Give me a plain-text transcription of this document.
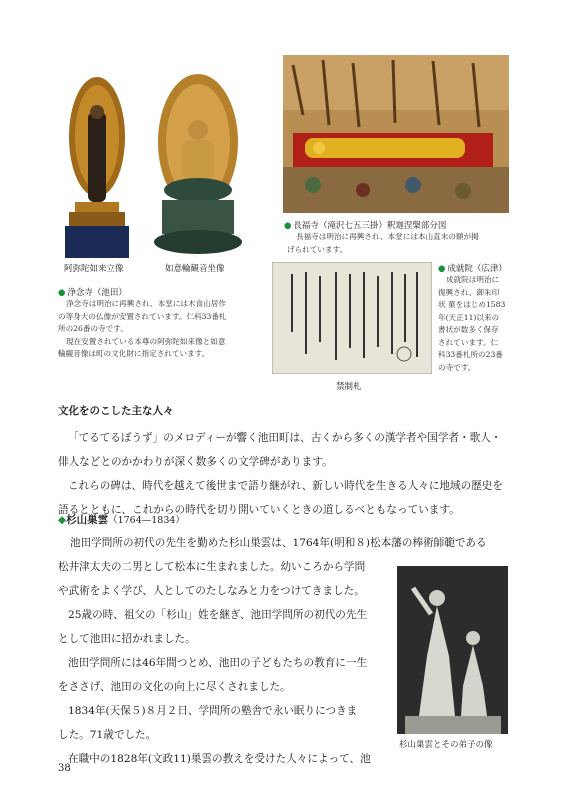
阿弥陀如来立像	如意輪観音坐像
● 長福寺（滝沢七五三掛）釈迦涅槃部分図
長福寺は明治に再興され、本堂には本山直末の額が掲
げられています。
禁制札
● 浄念寺（池田）
浄念寺は明治に再興され、本堂には木食山居作
の等身大の仏像が安置されています。仁科33番札
所の26番の寺です。
現在安置されている本尊の阿弥陀如来像と如意
輪観音像は町の文化財に指定されています。
● 成就院（広津）
成就院は明治に
復興され、御朱印
状 菓をはじめ1583
年(天正11)以来の
書状が数多く保存
されています。仁
科33番札所の23番
の寺です。
文化をのこした主な人々
「てるてるぼうず」のメロディーが響く池田町は、古くから多くの漢学者や国学者・歌人・
俳人などとのかかわりが深く数多くの文学碑があります。
これらの碑は、時代を越えて後世まで語り継がれ、新しい時代を生きる人々に地域の歴史を
語るとともに、これからの時代を切り開いていくときの道しるべともなっています。
◆杉山巣雲（1764—1834）
池田学問所の初代の先生を勤めた杉山巣雲は、1764年(明和８)松本藩の棒術師範である
松井津太夫の二男として松本に生まれました。幼いころから学問
や武術をよく学び、人としてのたしなみと力をつけてきました。
25歳の時、祖父の「杉山」姓を継ぎ、池田学問所の初代の先生
として池田に招かれました。
池田学問所には46年間つとめ、池田の子どもたちの教育に一生
をささげ、池田の文化の向上に尽くされました。
1834年(天保５)８月２日、学問所の塾舎で永い眠りにつきま
した。71歳でした。
在職中の1828年(文政11)巣雲の教えを受けた人々によって、池
杉山巣雲とその弟子の像
38
